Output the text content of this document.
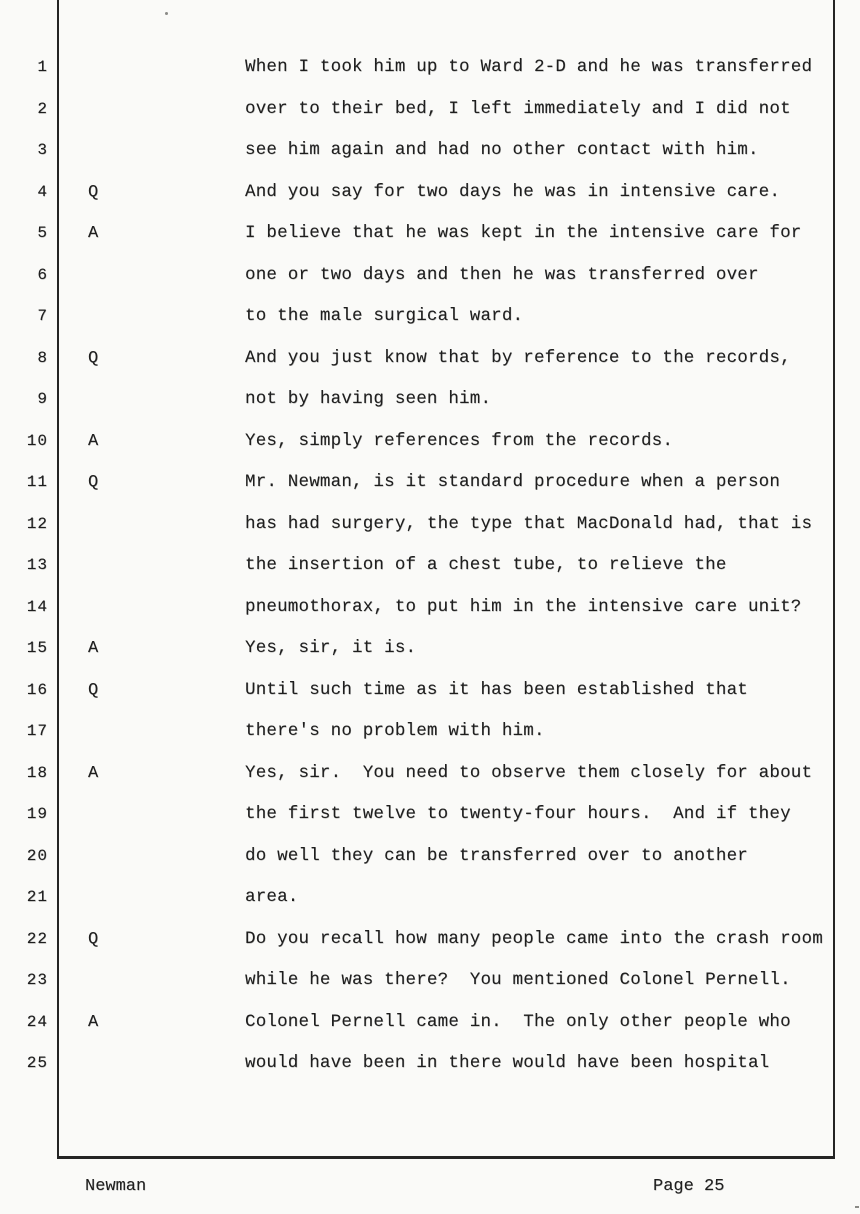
1	When I took him up to Ward 2-D and he was transferred
2	over to their bed, I left immediately and I did not
3	see him again and had no other contact with him.
4 Q	And you say for two days he was in intensive care.
5 A	I believe that he was kept in the intensive care for
6	one or two days and then he was transferred over
7	to the male surgical ward.
8 Q	And you just know that by reference to the records,
9	not by having seen him.
10 A	Yes, simply references from the records.
11 Q	Mr. Newman, is it standard procedure when a person
12	has had surgery, the type that MacDonald had, that is
13	the insertion of a chest tube, to relieve the
14	pneumothorax, to put him in the intensive care unit?
15 A	Yes, sir, it is.
16 Q	Until such time as it has been established that
17	there's no problem with him.
18 A	Yes, sir.  You need to observe them closely for about
19	the first twelve to twenty-four hours.  And if they
20	do well they can be transferred over to another
21	area.
22 Q	Do you recall how many people came into the crash room
23	while he was there?  You mentioned Colonel Pernell.
24 A	Colonel Pernell came in.  The only other people who
25	would have been in there would have been hospital
Newman	Page 25
